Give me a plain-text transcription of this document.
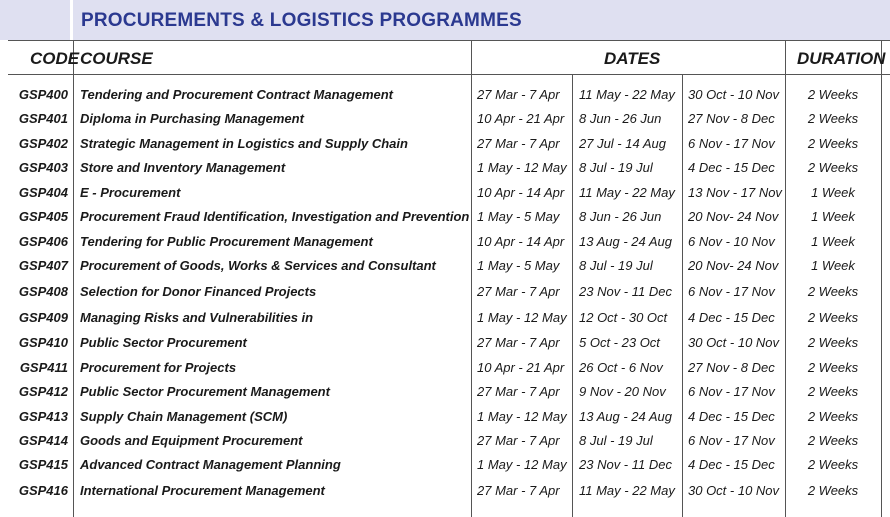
PROCUREMENTS & LOGISTICS PROGRAMMES
CODE COURSE	DATES	DURATION
GSP400 Tendering and Procurement Contract Management	27 Mar - 7 Apr 11 May - 22 May 30 Oct - 10 Nov	2 Weeks
GSP401 Diploma in Purchasing Management	10 Apr - 21 Apr 8 Jun - 26 Jun 27 Nov - 8 Dec	2 Weeks
GSP402 Strategic Management in Logistics and Supply Chain	27 Mar - 7 Apr 27 Jul - 14 Aug 6 Nov - 17 Nov	2 Weeks
GSP403 Store and Inventory Management	1 May - 12 May 8 Jul - 19 Jul	4 Dec - 15 Dec	2 Weeks
GSP404 E - Procurement	10 Apr - 14 Apr 11 May - 22 May 13 Nov - 17 Nov	1 Week
GSP405 Procurement Fraud Identification, Investigation and Prevention 1 May - 5 May 8 Jun - 26 Jun 20 Nov- 24 Nov	1 Week
GSP406 Tendering for Public Procurement Management	10 Apr - 14 Apr 13 Aug - 24 Aug 6 Nov - 10 Nov	1 Week
GSP407 Procurement of Goods, Works & Services and Consultant	1 May - 5 May 8 Jul - 19 Jul	20 Nov- 24 Nov	1 Week
GSP408 Selection for Donor Financed Projects	27 Mar - 7 Apr 23 Nov - 11 Dec 6 Nov - 17 Nov	2 Weeks
GSP409 Managing Risks and Vulnerabilities in	1 May - 12 May 12 Oct - 30 Oct 4 Dec - 15 Dec	2 Weeks
GSP410 Public Sector Procurement	27 Mar - 7 Apr 5 Oct - 23 Oct 30 Oct - 10 Nov	2 Weeks
GSP411 Procurement for Projects	10 Apr - 21 Apr 26 Oct - 6 Nov 27 Nov - 8 Dec	2 Weeks
GSP412 Public Sector Procurement Management	27 Mar - 7 Apr 9 Nov - 20 Nov 6 Nov - 17 Nov	2 Weeks
GSP413 Supply Chain Management (SCM)	1 May - 12 May 13 Aug - 24 Aug 4 Dec - 15 Dec	2 Weeks
GSP414 Goods and Equipment Procurement	27 Mar - 7 Apr 8 Jul - 19 Jul	6 Nov - 17 Nov	2 Weeks
GSP415 Advanced Contract Management Planning	1 May - 12 May 23 Nov - 11 Dec 4 Dec - 15 Dec	2 Weeks
GSP416 International Procurement Management	27 Mar - 7 Apr 11 May - 22 May 30 Oct - 10 Nov	2 Weeks
